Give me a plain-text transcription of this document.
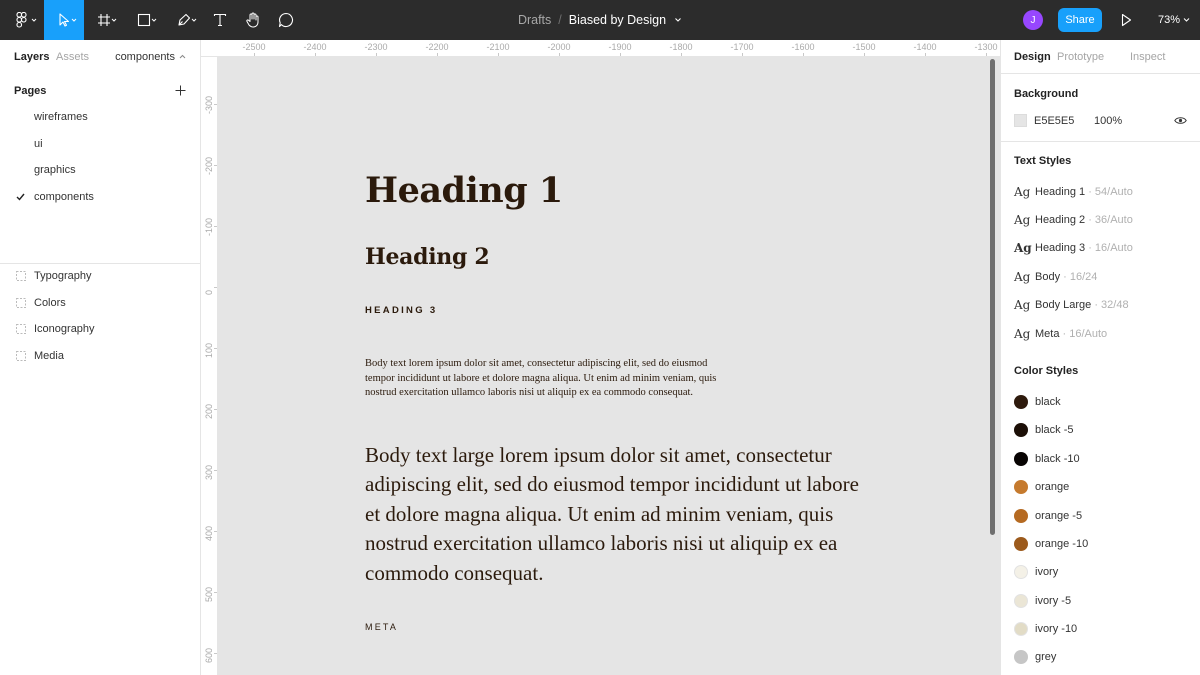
Drafts / Biased by Design	J	Share	73%
Layers Assets components
Pages
wireframes
ui
graphics
components
Typography
Colors
Iconography
Media
-2500	-2400	-2300	-2200	-2100	-2000	-1900	-1800	-1700	-1600	-1500	-1400	-1300
-300
-200
-100
0
100
200
300
400
500
600
Heading 1
Heading 2
HEADING 3
Body text lorem ipsum dolor sit amet, consectetur adipiscing elit, sed do eiusmod tempor incididunt ut labore et dolore magna aliqua. Ut enim ad minim veniam, quis nostrud exercitation ullamco laboris nisi ut aliquip ex ea commodo consequat.
Body text large lorem ipsum dolor sit amet, consectetur adipiscing elit, sed do eiusmod tempor incididunt ut labore et dolore magna aliqua. Ut enim ad minim veniam, quis nostrud exercitation ullamco laboris nisi ut aliquip ex ea commodo consequat.
META
Design Prototype Inspect
Background
E5E5E5 100%
Text Styles
Ag Heading 1 · 54/Auto
Ag Heading 2 · 36/Auto
Ag Heading 3 · 16/Auto
Ag Body · 16/24
Ag Body Large · 32/48
Ag Meta · 16/Auto
Color Styles
black
black -5
black -10
orange
orange -5
orange -10
ivory
ivory -5
ivory -10
grey
